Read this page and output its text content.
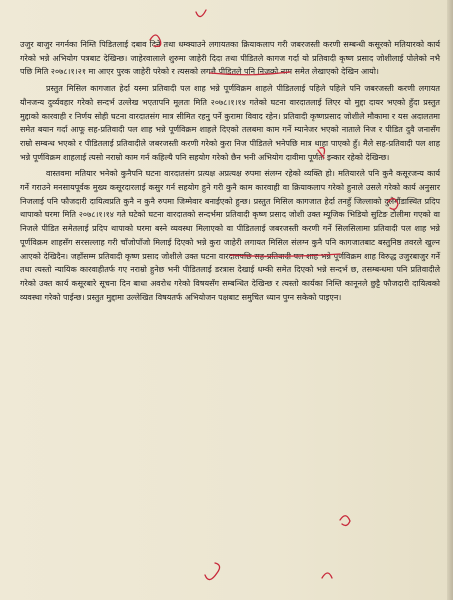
उजुर बाजुर नगर्नका निम्ति पिडितलाई दबाव दिने तथा धम्क्याउने लगायतका क्रियाकलाप गरी जबरजस्ती करणी सम्बन्धी कसूरको मतियारको कार्य गरेको भन्ने अभियोग पत्रबाट देखिन्छ। जाहेरवालाले शुरुमा जाहेरी दिदा तथा पीडितले कागज गर्दा यो प्रतिवादी कृष्ण प्रसाद जोशीलाई पोलेको नभै पछि मिति २०७८।१।२१ मा आएर पुरक जाहेरी परेको र त्यसको लगत्तै पीडितले पनि निजको नाम समेत लेखाएको देखिन आयो।

प्रस्तुत मिसिल कागजात हेर्दा यस्मा प्रतिवादी पल शाह भन्ने पूर्णविक्रम शाहले पीडितलाई पहिले पहिले पनि जबरजस्ती करणी लगायत यौनजन्य दुर्व्यवहार गरेको सन्दर्भ उल्लेख भएतापनि मूलतः मिति २०७८।१।१४ गतेको घटना वारदातलाई लिएर यो मुद्दा दायर भएको हुँदा प्रस्तुत मुद्दाको कारवाही र निर्णय सोही घटना वारदातसंग मात्र सीमित रहनु पर्ने कुरामा विवाद रहेन। प्रतिवादी कृष्णप्रसाद जोशीले मौकामा र यस अदालतमा समेत बयान गर्दा आफू सह-प्रतिवादी पल शाह भन्ने पूर्णविक्रम शाहले दिएको तलबमा काम गर्ने म्यानेजर भएको नाताले निज र पीडित दुवै जनासँग राम्रो सम्बन्ध भएको र पीडितलाई प्रतिवादीले जबरजस्ती करणी गरेको कुरा निज पीडितले भनेपछि मात्र थाहा पाएको हुँ। मैले सह-प्रतिवादी पल शाह भन्ने पूर्णविक्रम शाहलाई त्यसो नराम्रो काम गर्न कहिल्यै पनि सहयोग गरेको छैन भनी अभियोग दावीमा पूर्णतः इन्कार रहेको देखिन्छ।

वास्तवमा मतियार भनेको कुनैपनि घटना वारदातसंग प्रत्यक्ष अप्रत्यक्ष रुपमा संलग्न रहेको व्यक्ति हो। मतियारले पनि कुनै कसूरजन्य कार्य गर्ने गराउने मनसायपूर्वक मुख्य कसूरदारलाई कसुर गर्न सहयोग हुने गरी कुनै काम कारवाही वा क्रियाकलाप गरेको हुनाले उसले गरेको कार्य अनुसार निजलाई पनि फौजदारी दायित्वप्रति कुनै न कुनै रुपमा जिम्मेवार बनाईएको हुन्छ। प्रस्तुत मिसिल कागजात हेर्दा तनहुँ जिल्लाको दुलेगौंडास्थित प्रदिप थापाको घरमा मिति २०७८।१।१४ गते घटेको घटना वारदातको सन्दर्भमा प्रतिवादी कृष्ण प्रसाद जोशी उक्त म्यूजिक भिडियो सुटिङ टोलीमा गएको वा निजले पीडित समेतलाई प्रदिप थापाको घरमा बस्ने व्यवस्था मिलाएको वा पीडितलाई जबरजस्ती करणी गर्ने सिलसिलामा प्रतिवादी पल शाह भन्ने पूर्णविक्रम शाहसँग सरसल्लाह गरी चाँजोपाँजो मिलाई दिएको भन्ने कुरा जाहेरी लगायत मिसिल संलग्न कुनै पनि कागजातबाट बस्तुनिष्ठ तवरले खुल्न आएको देखिदैन। जहाँसम्म प्रतिवादी कृष्ण प्रसाद जोशीले उक्त घटना वारदातपछि सह-प्रतिवादी पल शाह भन्ने पूर्णविक्रम शाह विरुद्ध उजुरबाजुर गर्ने तथा त्यस्तो न्यायिक कारवाहीतर्फ गए नराम्रो हुनेछ भनी पीडितलाई डरत्रास देखाई धम्की समेत दिएको भन्ने सन्दर्भ छ, तसम्बन्धमा पनि प्रतिवादीले गरेको उक्त कार्य कसूरबारे सूचना दिन बाधा अवरोध गरेको विषयसँग सम्बन्धित देखिन्छ र त्यस्तो कार्यका निम्ति कानूनले छुट्टै फौजदारी दायित्वको व्यवस्था गरेको पाईन्छ। प्रस्तुत मुद्दामा उल्लेखित विषयतर्फ अभियोजन पक्षबाट समुचित ध्यान पुग्न सकेको पाइएन।
